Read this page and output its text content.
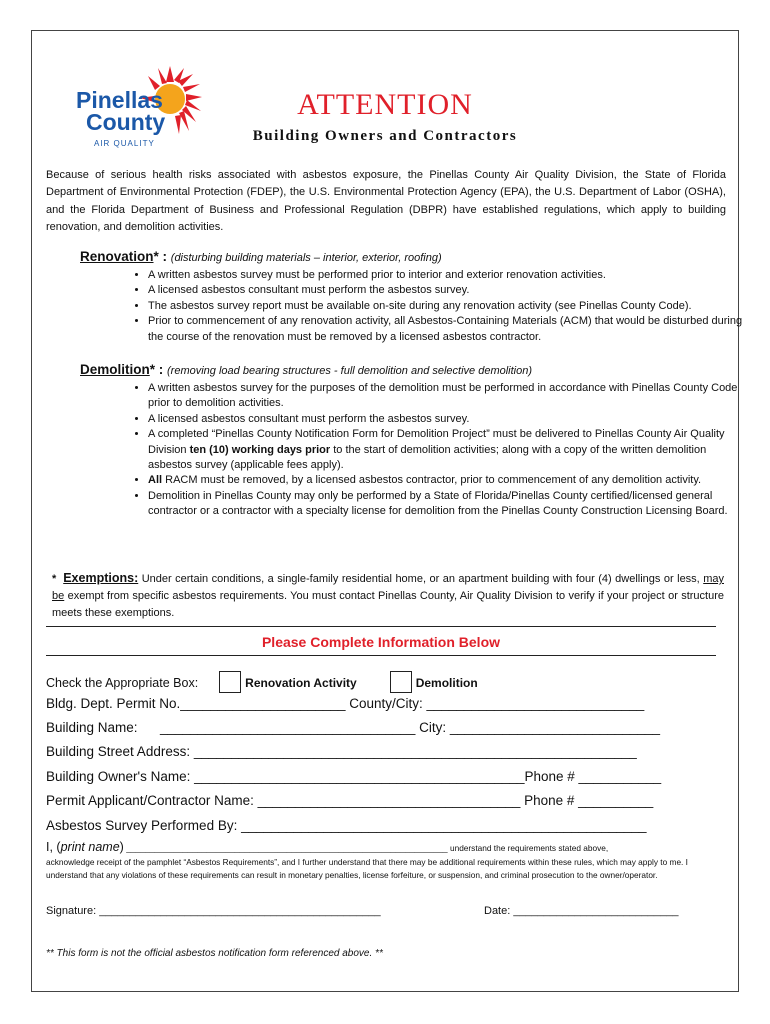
Pinellas
County
AIR QUALITY
ATTENTION
Building Owners and Contractors
Because of serious health risks associated with asbestos exposure, the Pinellas County Air Quality Division, the State of Florida Department of Environmental Protection (FDEP), the U.S. Environmental Protection Agency (EPA), the U.S. Department of Labor (OSHA), and the Florida Department of Business and Professional Regulation (DBPR) have established regulations, which apply to building renovation, and demolition activities.
Renovation* : (disturbing building materials – interior, exterior, roofing)
• A written asbestos survey must be performed prior to interior and exterior renovation activities.
• A licensed asbestos consultant must perform the asbestos survey.
• The asbestos survey report must be available on-site during any renovation activity (see Pinellas County Code).
• Prior to commencement of any renovation activity, all Asbestos-Containing Materials (ACM) that would be disturbed during the course of the renovation must be removed by a licensed asbestos contractor.
Demolition* : (removing load bearing structures - full demolition and selective demolition)
• A written asbestos survey for the purposes of the demolition must be performed in accordance with Pinellas County Code prior to demolition activities.
• A licensed asbestos consultant must perform the asbestos survey.
• A completed “Pinellas County Notification Form for Demolition Project” must be delivered to Pinellas County Air Quality Division ten (10) working days prior to the start of demolition activities; along with a copy of the written demolition asbestos survey (applicable fees apply).
• All RACM must be removed, by a licensed asbestos contractor, prior to commencement of any demolition activity.
• Demolition in Pinellas County may only be performed by a State of Florida/Pinellas County certified/licensed general contractor or a contractor with a specialty license for demolition from the Pinellas County Construction Licensing Board.
* Exemptions: Under certain conditions, a single-family residential home, or an apartment building with four (4) dwellings or less, may be exempt from specific asbestos requirements. You must contact Pinellas County, Air Quality Division to verify if your project or structure meets these exemptions.
Please Complete Information Below
Check the Appropriate Box:	Renovation Activity	Demolition
Bldg. Dept. Permit No.______________________ County/City: _____________________________
Building Name:      __________________________________ City: ____________________________
Building Street Address: ___________________________________________________________
Building Owner's Name: ____________________________________________Phone # ___________
Permit Applicant/Contractor Name: ___________________________________ Phone # __________
Asbestos Survey Performed By: ______________________________________________________
I, (print name) ____________________________________________________________________ understand the requirements stated above,
acknowledge receipt of the pamphlet “Asbestos Requirements”, and I further understand that there may be additional requirements within these rules, which may apply to me. I understand that any violations of these requirements can result in monetary penalties, license forfeiture, or suspension, and criminal prosecution to the owner/operator.
Signature: ______________________________________________	Date: ___________________________
** This form is not the official asbestos notification form referenced above. **
